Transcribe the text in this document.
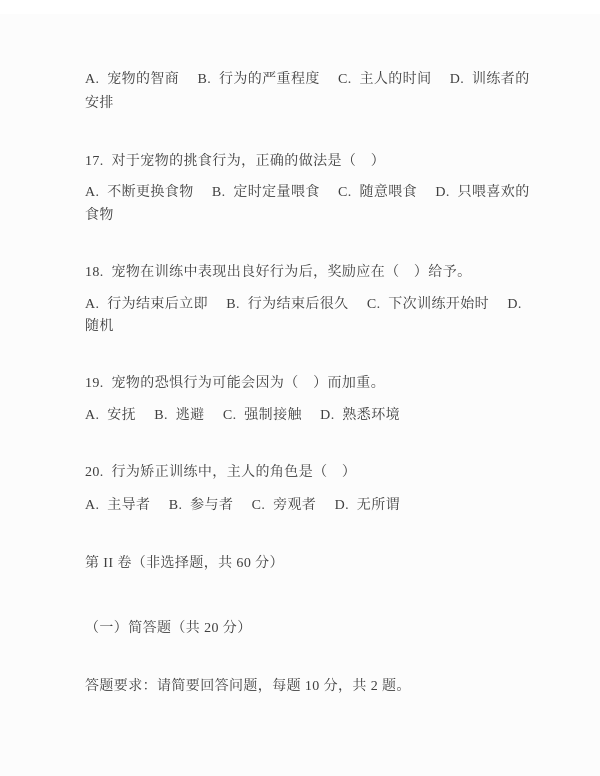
A.  宠物的智商　 B.  行为的严重程度　 C.  主人的时间　 D.  训练者的
安排
17.  对于宠物的挑食行为，正确的做法是（　）
A.  不断更换食物　 B.  定时定量喂食　 C.  随意喂食　 D.  只喂喜欢的
食物
18.  宠物在训练中表现出良好行为后，奖励应在（　）给予。
A.  行为结束后立即　 B.  行为结束后很久　 C.  下次训练开始时　 D.
随机
19.  宠物的恐惧行为可能会因为（　）而加重。
A.  安抚　 B.  逃避　 C.  强制接触　 D.  熟悉环境
20.  行为矫正训练中，主人的角色是（　）
A.  主导者　 B.  参与者　 C.  旁观者　 D.  无所谓
第 II 卷（非选择题，共 60 分）
（一）简答题（共 20 分）
答题要求：请简要回答问题，每题 10 分，共 2 题。
